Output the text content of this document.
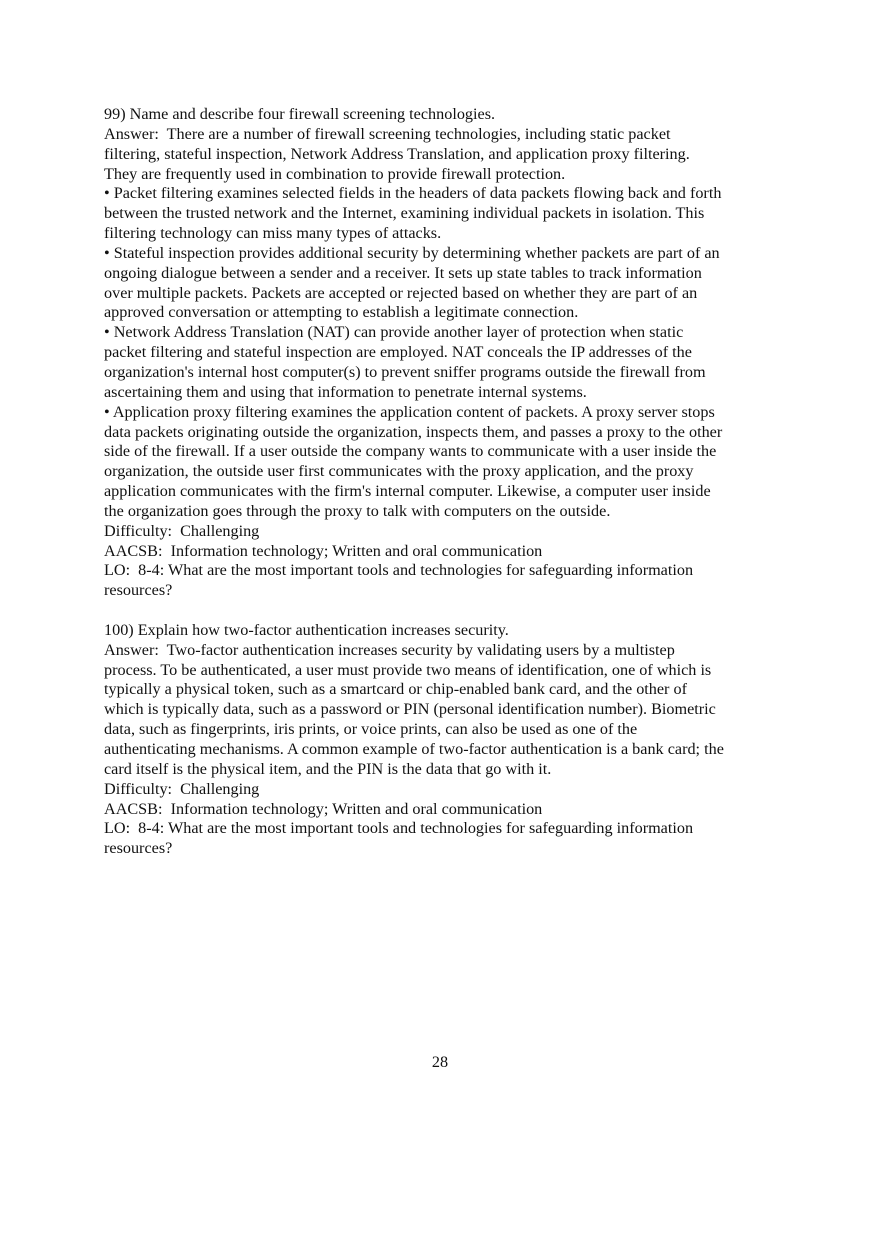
99) Name and describe four firewall screening technologies.
Answer:  There are a number of firewall screening technologies, including static packet
filtering, stateful inspection, Network Address Translation, and application proxy filtering.
They are frequently used in combination to provide firewall protection.
• Packet filtering examines selected fields in the headers of data packets flowing back and forth
between the trusted network and the Internet, examining individual packets in isolation. This
filtering technology can miss many types of attacks.
• Stateful inspection provides additional security by determining whether packets are part of an
ongoing dialogue between a sender and a receiver. It sets up state tables to track information
over multiple packets. Packets are accepted or rejected based on whether they are part of an
approved conversation or attempting to establish a legitimate connection.
• Network Address Translation (NAT) can provide another layer of protection when static
packet filtering and stateful inspection are employed. NAT conceals the IP addresses of the
organization's internal host computer(s) to prevent sniffer programs outside the firewall from
ascertaining them and using that information to penetrate internal systems.
• Application proxy filtering examines the application content of packets. A proxy server stops
data packets originating outside the organization, inspects them, and passes a proxy to the other
side of the firewall. If a user outside the company wants to communicate with a user inside the
organization, the outside user first communicates with the proxy application, and the proxy
application communicates with the firm's internal computer. Likewise, a computer user inside
the organization goes through the proxy to talk with computers on the outside.
Difficulty:  Challenging
AACSB:  Information technology; Written and oral communication
LO:  8-4: What are the most important tools and technologies for safeguarding information
resources?
100) Explain how two-factor authentication increases security.
Answer:  Two-factor authentication increases security by validating users by a multistep
process. To be authenticated, a user must provide two means of identification, one of which is
typically a physical token, such as a smartcard or chip-enabled bank card, and the other of
which is typically data, such as a password or PIN (personal identification number). Biometric
data, such as fingerprints, iris prints, or voice prints, can also be used as one of the
authenticating mechanisms. A common example of two-factor authentication is a bank card; the
card itself is the physical item, and the PIN is the data that go with it.
Difficulty:  Challenging
AACSB:  Information technology; Written and oral communication
LO:  8-4: What are the most important tools and technologies for safeguarding information
resources?
28
